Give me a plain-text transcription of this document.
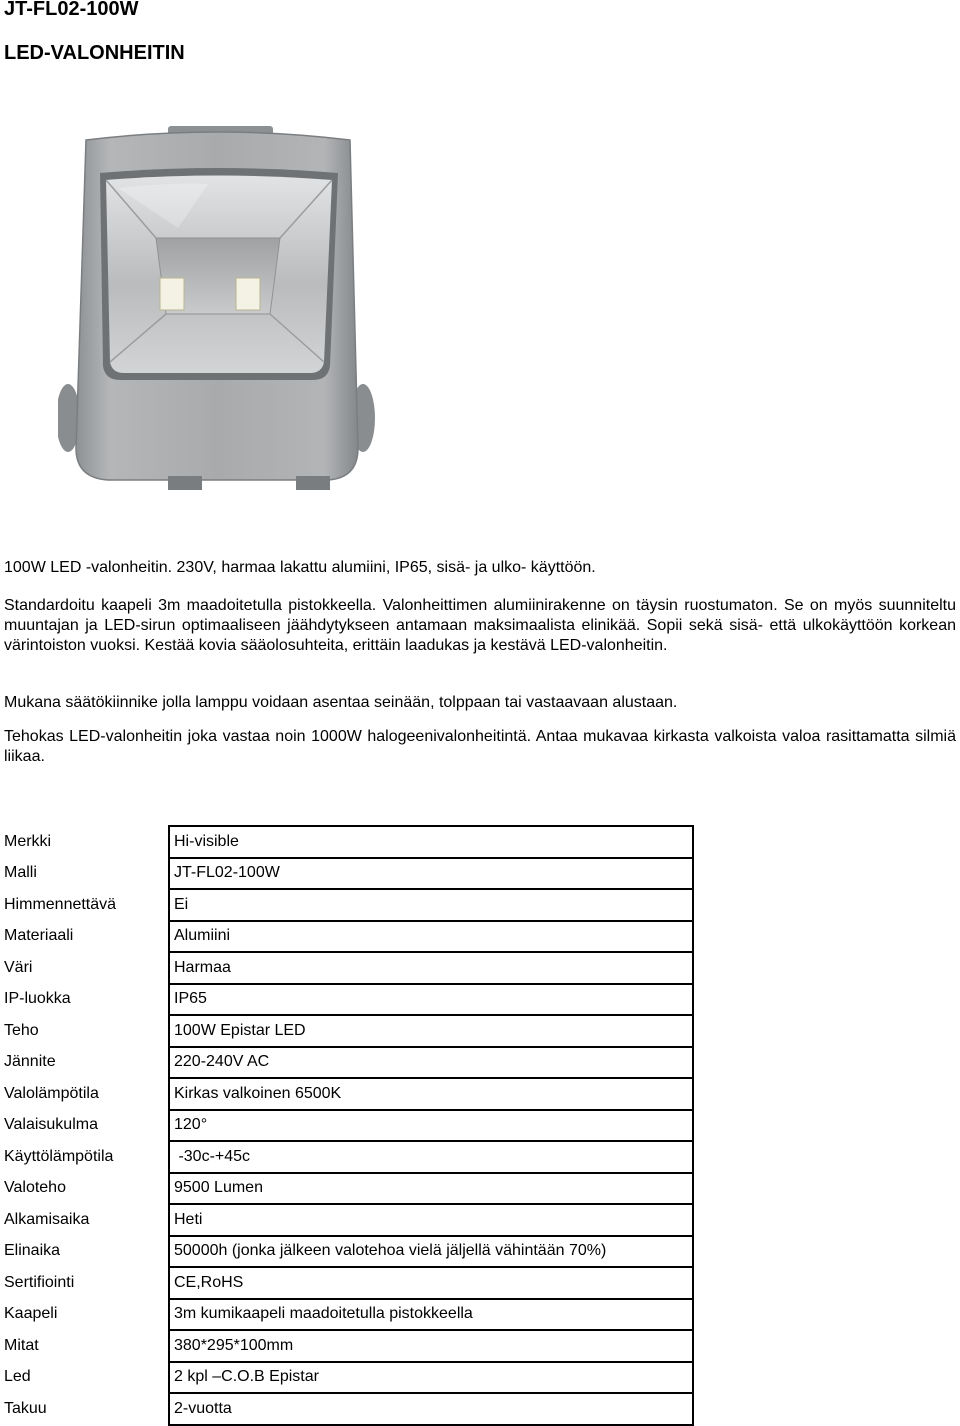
JT-FL02-100W
LED-VALONHEITIN

100W LED -valonheitin. 230V, harmaa lakattu alumiini, IP65, sisä- ja ulko- käyttöön.

Standardoitu kaapeli 3m maadoitetulla pistokkeella. Valonheittimen alumiinirakenne on täysin ruostumaton. Se on myös suunniteltu muuntajan ja LED-sirun optimaaliseen jäähdytykseen antamaan maksimaalista elinikää. Sopii sekä sisä- että ulkokäyttöön korkean värintoiston vuoksi. Kestää kovia sääolosuhteita, erittäin laadukas ja kestävä LED-valonheitin.

Mukana säätökiinnike jolla lamppu voidaan asentaa seinään, tolppaan tai vastaavaan alustaan.

Tehokas LED-valonheitin joka vastaa noin 1000W halogeenivalonheitintä. Antaa mukavaa kirkasta valkoista valoa rasittamatta silmiä liikaa.

Merkki	Hi-visible
Malli	JT-FL02-100W
Himmennettävä	Ei
Materiaali	Alumiini
Väri	Harmaa
IP-luokka	IP65
Teho	100W Epistar LED
Jännite	220-240V AC
Valolämpötila	Kirkas valkoinen 6500K
Valaisukulma	120°
Käyttölämpötila	-30c-+45c
Valoteho	9500 Lumen
Alkamisaika	Heti
Elinaika	50000h (jonka jälkeen valotehoa vielä jäljellä vähintään 70%)
Sertifiointi	CE,RoHS
Kaapeli	3m kumikaapeli maadoitetulla pistokkeella
Mitat	380*295*100mm
Led	2 kpl –C.O.B Epistar
Takuu	2-vuotta
